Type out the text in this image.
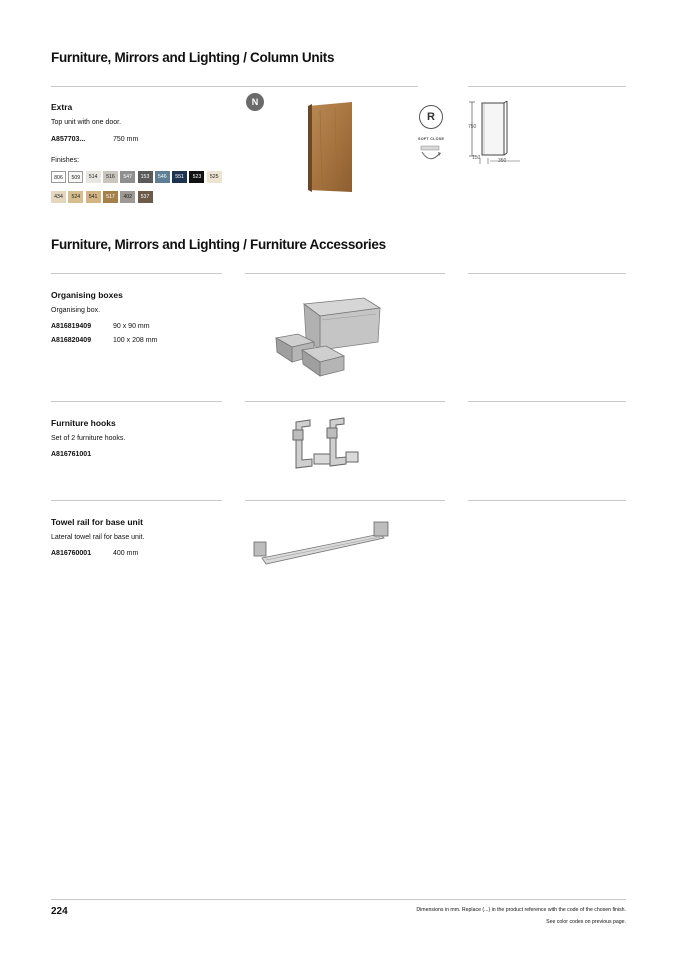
Furniture, Mirrors and Lighting / Column Units
Extra
Top unit with one door.
A857703...	750 mm
Finishes:
806	509	514	516	547	153	546	551	523	525
434	524	541	517	402	537
N
R
SOFT CLOSE
750
150	350
Furniture, Mirrors and Lighting / Furniture Accessories
Organising boxes
Organising box.
A816819409	90 x 90 mm
A816820409	100 x 208 mm
Furniture hooks
Set of 2 furniture hooks.
A816761001
Towel rail for base unit
Lateral towel rail for base unit.
A816760001	400 mm
224	Dimensions in mm. Replace (...) in the product reference with the code of the chosen finish.
See color codes on previous page.
